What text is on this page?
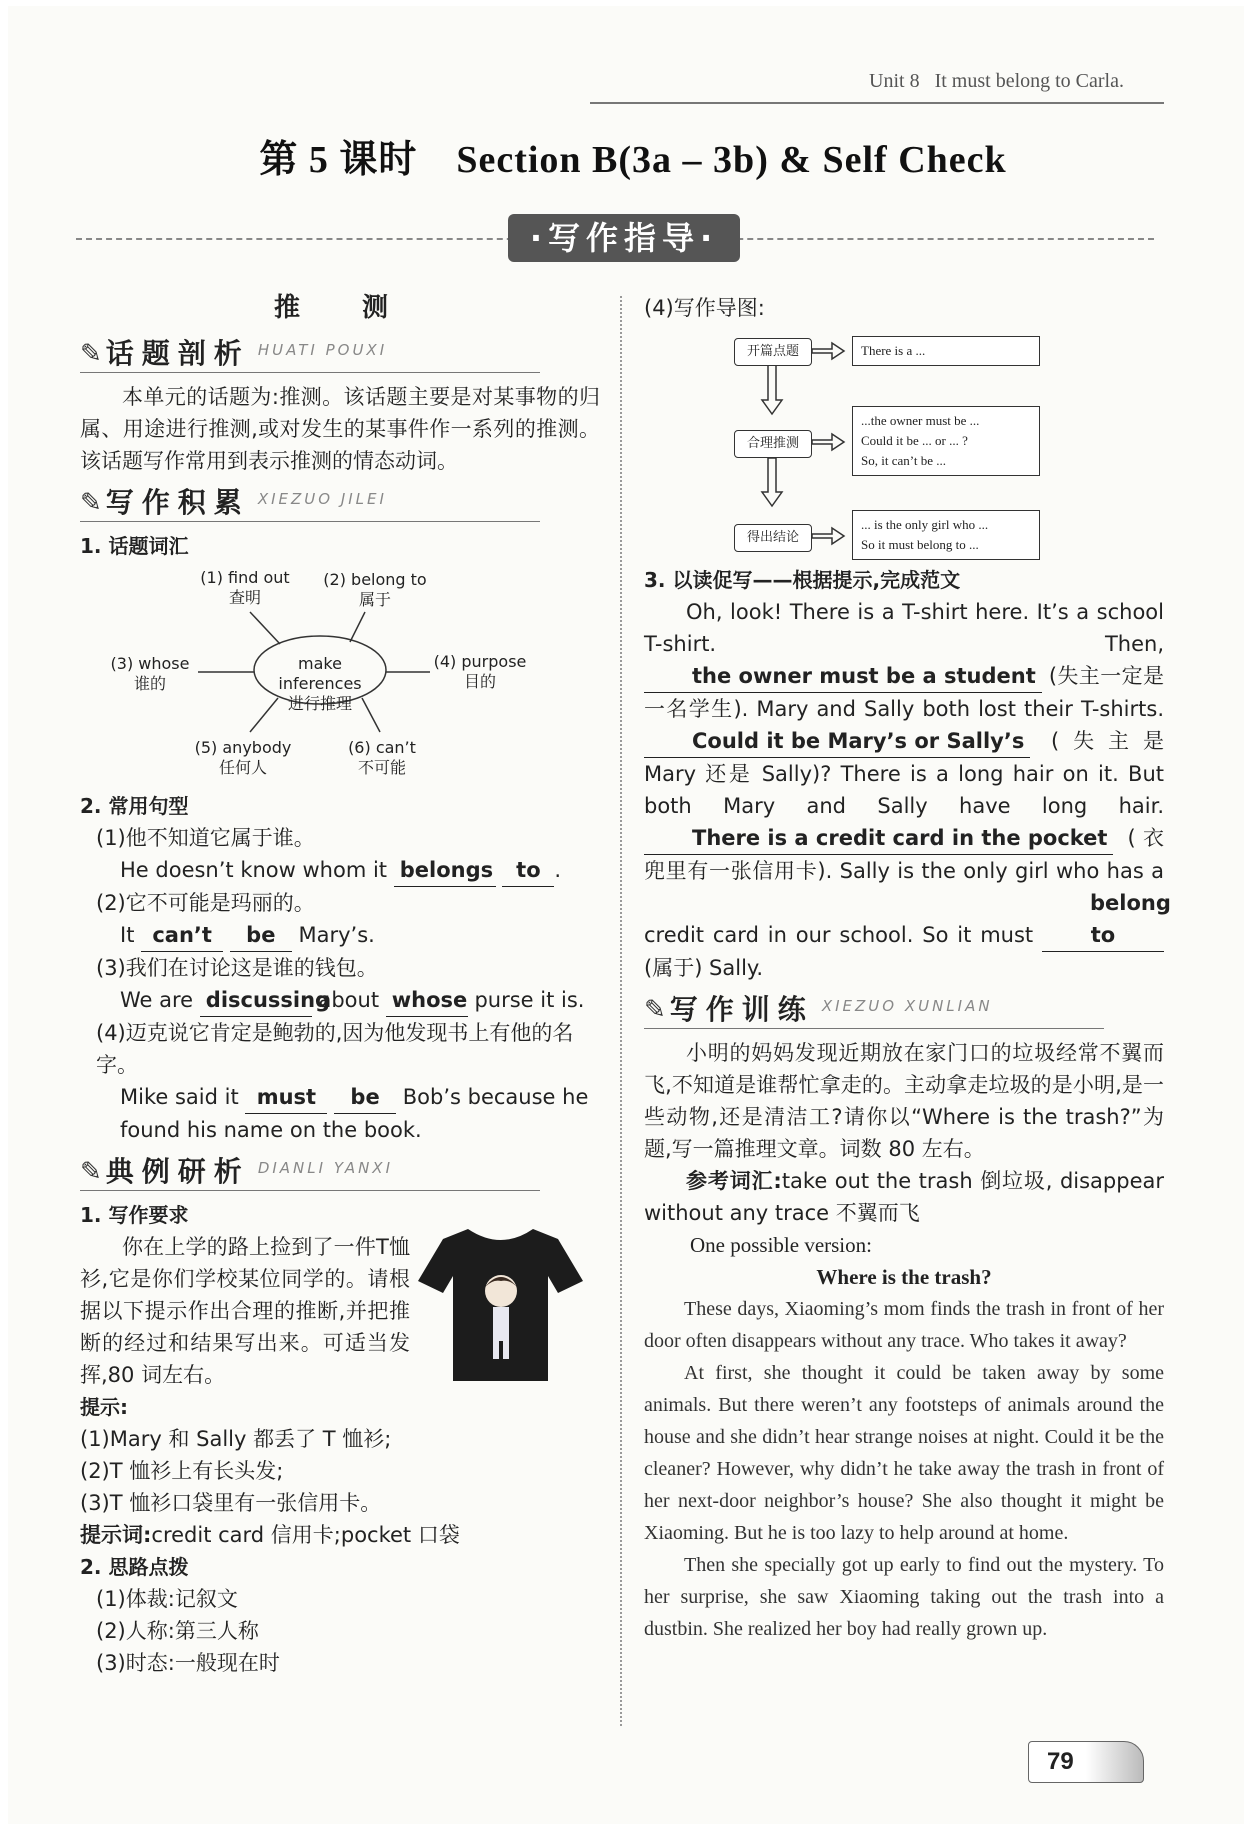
Unit 8 It must belong to Carla.
第 5 课时　Section B(3a – 3b) & Self Check
·写作指导·
推　测
✎ 话题剖析 HUATI POUXI
本单元的话题为:推测。该话题主要是对某事物的归属、用途进行推测,或对发生的某事件作一系列的推测。该话题写作常用到表示推测的情态动词。
✎ 写作积累 XIEZUO JILEI
1. 话题词汇
make inferences
进行推理
(1) find out
查明
(2) belong to
属于
(3) whose
谁的
(4) purpose
目的
(5) anybody
任何人
(6) can’t
不可能
2. 常用句型
(1)他不知道它属于谁。
He doesn’t know whom it belongs to .
(2)它不可能是玛丽的。
It can’t be Mary’s.
(3)我们在讨论这是谁的钱包。
We are discussing about whose purse it is.
(4)迈克说它肯定是鲍勃的,因为他发现书上有他的名字。
Mike said it must be Bob’s because he found his name on the book.
✎ 典例研析 DIANLI YANXI
1. 写作要求
你在上学的路上捡到了一件T恤衫,它是你们学校某位同学的。请根据以下提示作出合理的推断,并把推断的经过和结果写出来。可适当发挥,80 词左右。
提示:
(1)Mary 和 Sally 都丢了 T 恤衫;
(2)T 恤衫上有长头发;
(3)T 恤衫口袋里有一张信用卡。
提示词:credit card 信用卡;pocket 口袋
2. 思路点拨
(1)体裁:记叙文
(2)人称:第三人称
(3)时态:一般现在时
(4)写作导图:
开篇点题
合理推测
得出结论
There is a ...
...the owner must be ...
Could it be ... or ... ?
So, it can’t be ...
... is the only girl who ...
So it must belong to ...
3. 以读促写——根据提示,完成范文
Oh, look! There is a T-shirt here. It’s a school T-shirt. Then, the owner must be a student (失主一定是一名学生). Mary and Sally both lost their T-shirts. Could it be Mary’s or Sally’s (失主是 Mary 还是 Sally)? There is a long hair on it. But both Mary and Sally have long hair. There is a credit card in the pocket (衣兜里有一张信用卡). Sally is the only girl who has a credit card in our school. So it must belong to (属于) Sally.
✎ 写作训练 XIEZUO XUNLIAN
小明的妈妈发现近期放在家门口的垃圾经常不翼而飞,不知道是谁帮忙拿走的。主动拿走垃圾的是小明,是一些动物,还是清洁工?请你以“Where is the trash?”为题,写一篇推理文章。词数 80 左右。
参考词汇:take out the trash 倒垃圾, disappear without any trace 不翼而飞
One possible version:
Where is the trash?

These days, Xiaoming’s mom finds the trash in front of her door often disappears without any trace. Who takes it away?

At first, she thought it could be taken away by some animals. But there weren’t any footsteps of animals around the house and she didn’t hear strange noises at night. Could it be the cleaner? However, why didn’t he take away the trash in front of her next-door neighbor’s house? She also thought it might be Xiaoming. But he is too lazy to help around at home.

Then she specially got up early to find out the mystery. To her surprise, she saw Xiaoming taking out the trash into a dustbin. She realized her boy had really grown up.

79
